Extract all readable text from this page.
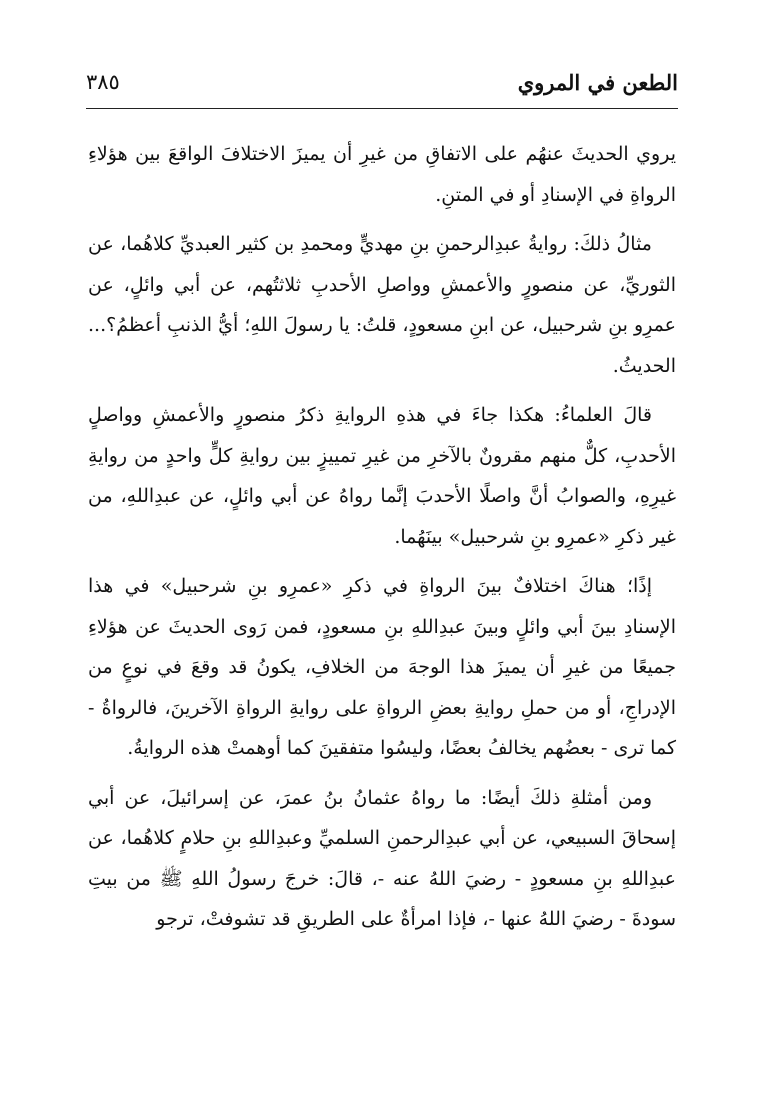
الطعن في المروي
٣٨٥

يروي الحديثَ عنهُم على الاتفاقِ من غيرِ أن يميزَ الاختلافَ الواقعَ بين هؤلاءِ الرواةِ في الإسنادِ أو في المتنِ.

مثالُ ذلكَ: روايةُ عبدِالرحمنِ بنِ مهديٍّ ومحمدِ بن كثير العبديِّ كلاهُما، عن الثوريِّ، عن منصورٍ والأعمشِ وواصلِ الأحدبِ ثلاثتُهم، عن أبي وائلٍ، عن عمرِو بنِ شرحبيل، عن ابنِ مسعودٍ، قلتُ: يا رسولَ اللهِ؛ أيُّ الذنبِ أعظمُ؟... الحديثُ.

قالَ العلماءُ: هكذا جاءَ في هذهِ الروايةِ ذكرُ منصورٍ والأعمشِ وواصلٍ الأحدبِ، كلٌّ منهم مقرونٌ بالآخرِ من غيرِ تمييزٍ بين روايةِ كلٍّ واحدٍ من روايةِ غيرِهِ، والصوابُ أنَّ واصلًا الأحدبَ إنَّما رواهُ عن أبي وائلٍ، عن عبدِاللهِ، من غير ذكرِ «عمرِو بنِ شرحبيل» بينَهُما.

إذًا؛ هناكَ اختلافٌ بينَ الرواةِ في ذكرِ «عمرِو بنِ شرحبيل» في هذا الإسنادِ بينَ أبي وائلٍ وبينَ عبدِاللهِ بنِ مسعودٍ، فمن رَوى الحديثَ عن هؤلاءِ جميعًا من غيرِ أن يميزَ هذا الوجهَ من الخلافِ، يكونُ قد وقعَ في نوعٍ من الإدراجِ، أو من حملِ روايةِ بعضِ الرواةِ على روايةِ الرواةِ الآخرينَ، فالرواةُ - كما ترى - بعضُهم يخالفُ بعضًا، وليسُوا متفقينَ كما أوهمتْ هذه الروايةُ.

ومن أمثلةِ ذلكَ أيضًا: ما رواهُ عثمانُ بنُ عمرَ، عن إسرائيلَ، عن أبي إسحاقَ السبيعي، عن أبي عبدِالرحمنِ السلميِّ وعبدِاللهِ بنِ حلامٍ كلاهُما، عن عبدِاللهِ بنِ مسعودٍ - رضيَ اللهُ عنه -، قالَ: خرجَ رسولُ اللهِ ﷺ من بيتِ سودةَ - رضيَ اللهُ عنها -، فإذا امرأةٌ على الطريقِ قد تشوفتْ، ترجو
